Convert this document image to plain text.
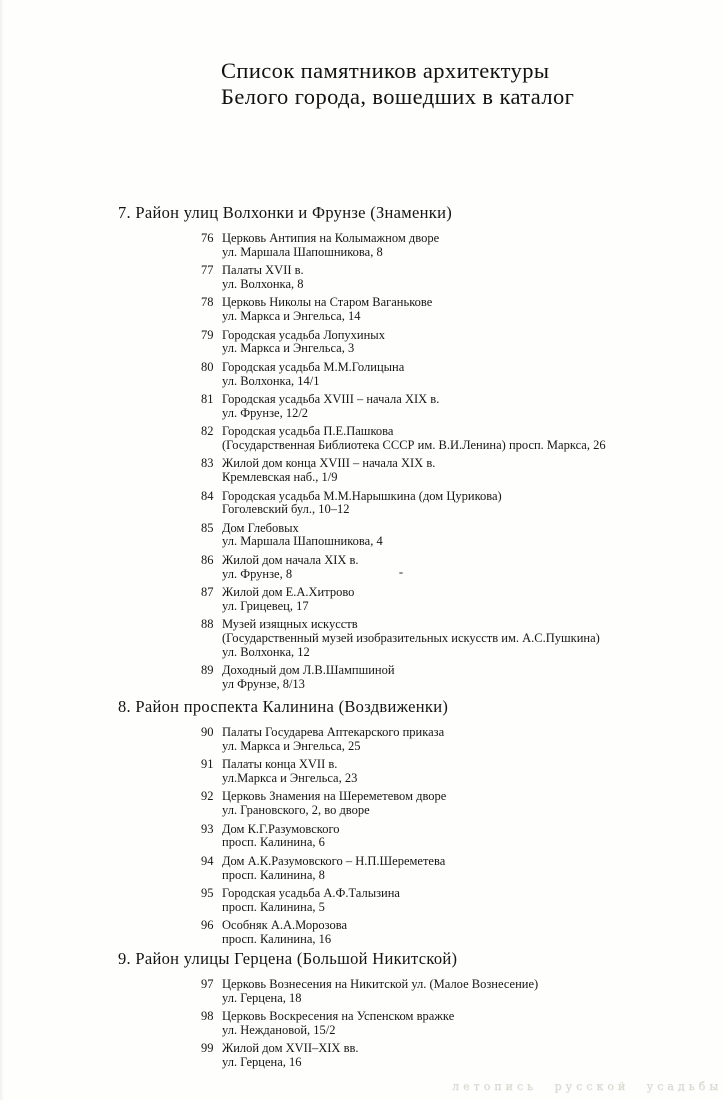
Список памятников архитектуры
Белого города, вошедших в каталог
7. Район улиц Волхонки и Фрунзе (Знаменки)
76 Церковь Антипия на Колымажном дворе
ул. Маршала Шапошникова, 8
77 Палаты XVII в.
ул. Волхонка, 8
78 Церковь Николы на Старом Ваганькове
ул. Маркса и Энгельса, 14
79 Городская усадьба Лопухиных
ул. Маркса и Энгельса, 3
80 Городская усадьба М.М.Голицына
ул. Волхонка, 14/1
81 Городская усадьба XVIII – начала XIX в.
ул. Фрунзе, 12/2
82 Городская усадьба П.Е.Пашкова
(Государственная Библиотека СССР им. В.И.Ленина) просп. Маркса, 26
83 Жилой дом конца XVIII – начала XIX в.
Кремлевская наб., 1/9
84 Городская усадьба М.М.Нарышкина (дом Цурикова)
Гоголевский бул., 10–12
85 Дом Глебовых
ул. Маршала Шапошникова, 4
86 Жилой дом начала XIX в.
ул. Фрунзе, 8
87 Жилой дом Е.А.Хитрово
ул. Грицевец, 17
88 Музей изящных искусств
(Государственный музей изобразительных искусств им. А.С.Пушкина)
ул. Волхонка, 12
89 Доходный дом Л.В.Шампшиной
ул Фрунзе, 8/13
8. Район проспекта Калинина (Воздвиженки)
90 Палаты Государева Аптекарского приказа
ул. Маркса и Энгельса, 25
91 Палаты конца XVII в.
ул.Маркса и Энгельса, 23
92 Церковь Знамения на Шереметевом дворе
ул. Грановского, 2, во дворе
93 Дом К.Г.Разумовского
просп. Калинина, 6
94 Дом А.К.Разумовского – Н.П.Шереметева
просп. Калинина, 8
95 Городская усадьба А.Ф.Талызина
просп. Калинина, 5
96 Особняк А.А.Морозова
просп. Калинина, 16
9. Район улицы Герцена (Большой Никитской)
97 Церковь Вознесения на Никитской ул. (Малое Вознесение)
ул. Герцена, 18
98 Церковь Воскресения на Успенском вражке
ул. Неждановой, 15/2
99 Жилой дом XVII–XIX вв.
ул. Герцена, 16
летопись русской усадьбы
